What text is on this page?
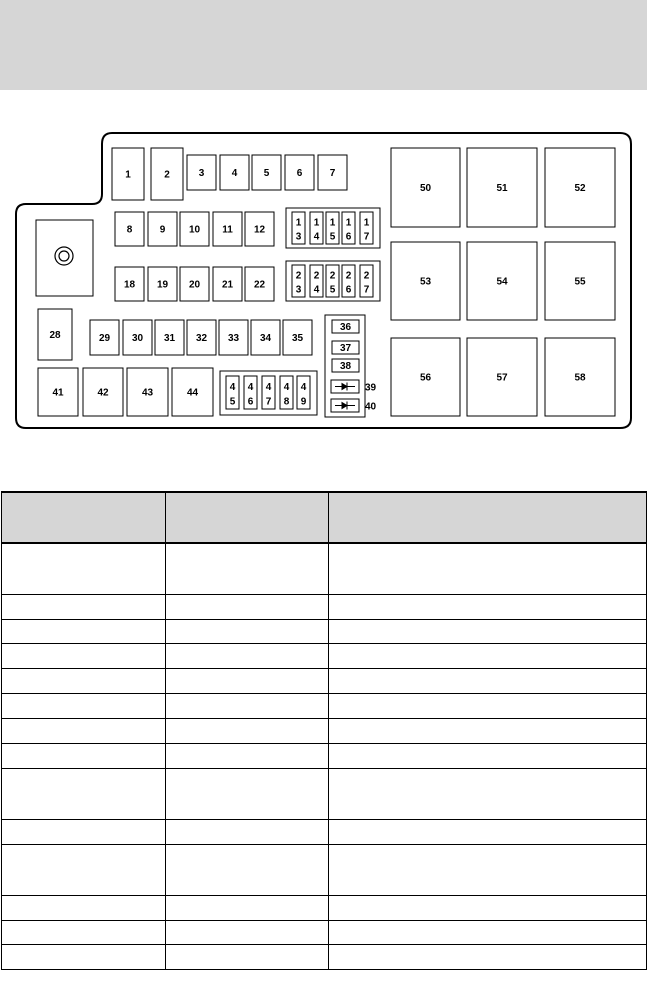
1	2	3	4	5	6	7
8	9 10 11 12
18 19 20 21 22
28	29 30 31 32 33 34 35
41	42	43	44
1
3
1
4
1
5
1
6
1
7
2
3
2
4
2
5
2
6
2
7
4
5
4
6
4
7
4
8
4
9
36
37
38
39
40
50	51	52
53	54	55
56	57	58
